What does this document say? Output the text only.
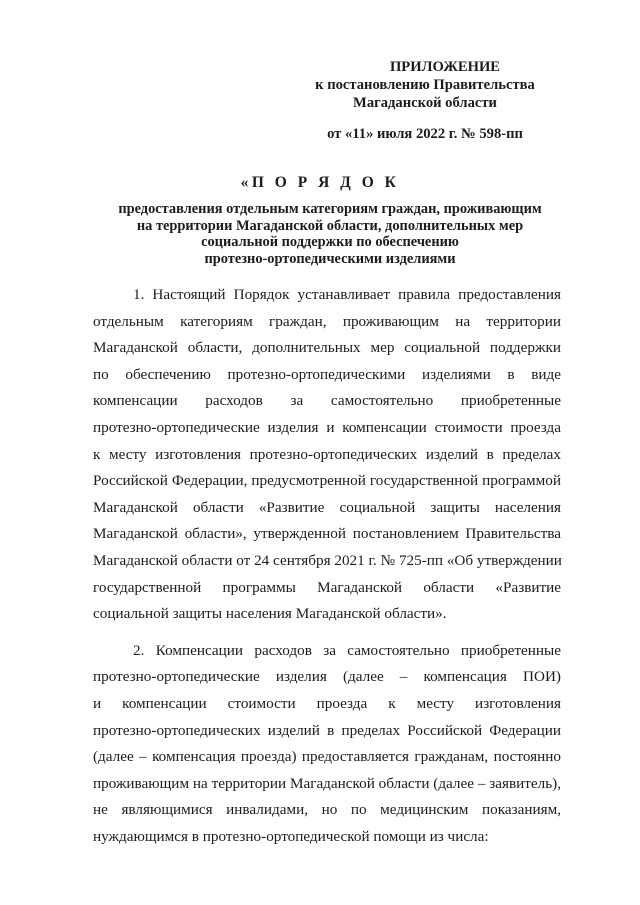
ПРИЛОЖЕНИЕ
к постановлению Правительства
Магаданской области
от «11» июля 2022 г. № 598-пп
«П О Р Я Д О К
предоставления отдельным категориям граждан, проживающим
на территории Магаданской области, дополнительных мер
социальной поддержки по обеспечению
протезно-ортопедическими изделиями
1. Настоящий Порядок устанавливает правила предоставления
отдельным категориям граждан, проживающим на территории
Магаданской области, дополнительных мер социальной поддержки
по обеспечению протезно-ортопедическими изделиями в виде
компенсации расходов за самостоятельно приобретенные
протезно-ортопедические изделия и компенсации стоимости проезда
к месту изготовления протезно-ортопедических изделий в пределах
Российской Федерации, предусмотренной государственной программой
Магаданской области «Развитие социальной защиты населения
Магаданской области», утвержденной постановлением Правительства
Магаданской области от 24 сентября 2021 г. № 725-пп «Об утверждении
государственной программы Магаданской области «Развитие
социальной защиты населения Магаданской области».
2. Компенсации расходов за самостоятельно приобретенные
протезно-ортопедические изделия (далее – компенсация ПОИ)
и компенсации стоимости проезда к месту изготовления
протезно-ортопедических изделий в пределах Российской Федерации
(далее – компенсация проезда) предоставляется гражданам, постоянно
проживающим на территории Магаданской области (далее – заявитель),
не являющимися инвалидами, но по медицинским показаниям,
нуждающимся в протезно-ортопедической помощи из числа:
